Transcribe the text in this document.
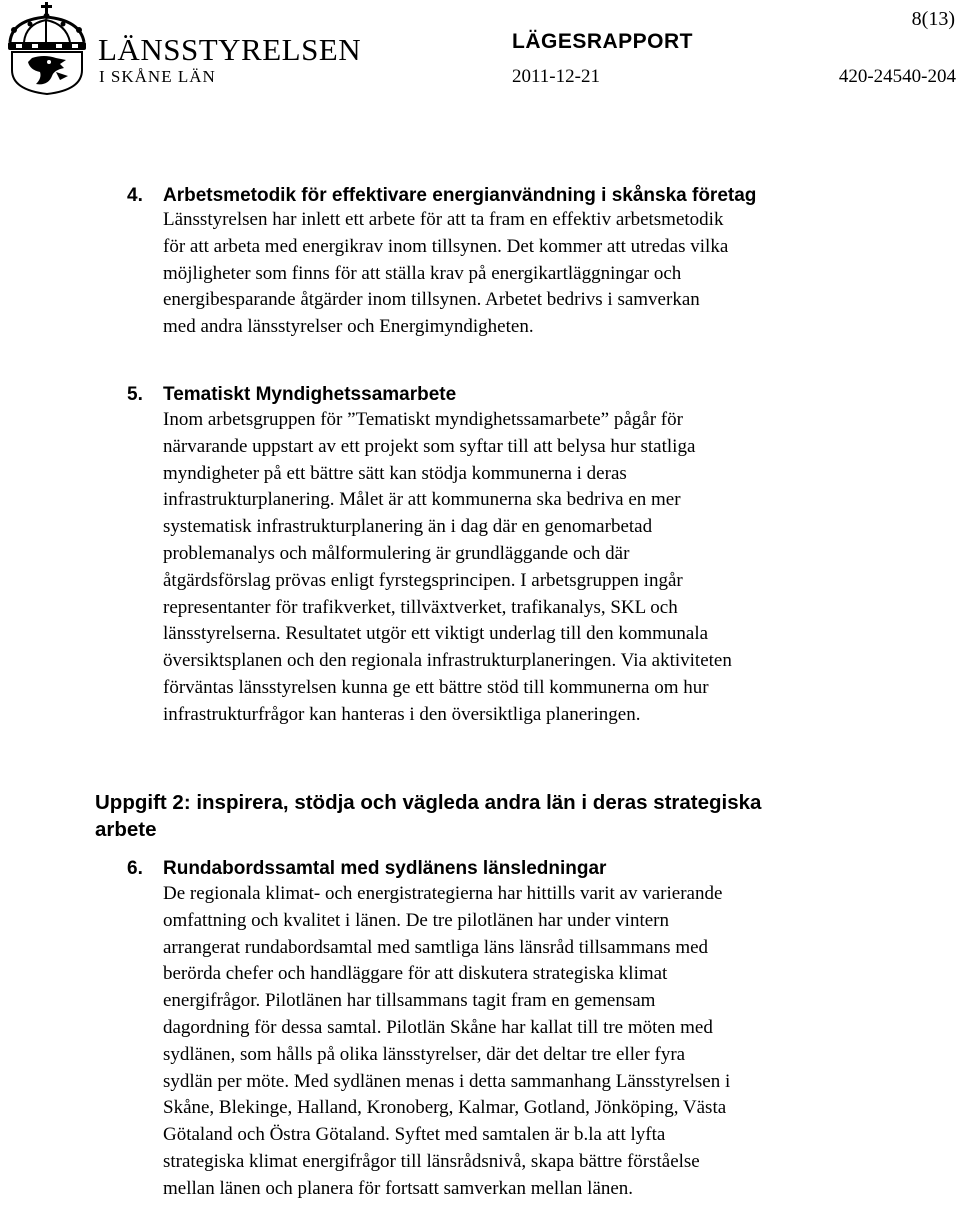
LÄNSSTYRELSEN
I SKÅNE LÄN
LÄGESRAPPORT
2011-12-21	420-24540-204
8(13)
4. Arbetsmetodik för effektivare energianvändning i skånska företag
Länsstyrelsen har inlett ett arbete för att ta fram en effektiv arbetsmetodik
för att arbeta med energikrav inom tillsynen. Det kommer att utredas vilka
möjligheter som finns för att ställa krav på energikartläggningar och
energibesparande åtgärder inom tillsynen. Arbetet bedrivs i samverkan
med andra länsstyrelser och Energimyndigheten.
5. Tematiskt Myndighetssamarbete
Inom arbetsgruppen för ”Tematiskt myndighetssamarbete” pågår för
närvarande uppstart av ett projekt som syftar till att belysa hur statliga
myndigheter på ett bättre sätt kan stödja kommunerna i deras
infrastrukturplanering. Målet är att kommunerna ska bedriva en mer
systematisk infrastrukturplanering än i dag där en genomarbetad
problemanalys och målformulering är grundläggande och där
åtgärdsförslag prövas enligt fyrstegsprincipen. I arbetsgruppen ingår
representanter för trafikverket, tillväxtverket, trafikanalys, SKL och
länsstyrelserna. Resultatet utgör ett viktigt underlag till den kommunala
översiktsplanen och den regionala infrastrukturplaneringen. Via aktiviteten
förväntas länsstyrelsen kunna ge ett bättre stöd till kommunerna om hur
infrastrukturfrågor kan hanteras i den översiktliga planeringen.
Uppgift 2: inspirera, stödja och vägleda andra län i deras strategiska
arbete
6. Rundabordssamtal med sydlänens länsledningar
De regionala klimat- och energistrategierna har hittills varit av varierande
omfattning och kvalitet i länen. De tre pilotlänen har under vintern
arrangerat rundabordsamtal med samtliga läns länsråd tillsammans med
berörda chefer och handläggare för att diskutera strategiska klimat
energifrågor. Pilotlänen har tillsammans tagit fram en gemensam
dagordning för dessa samtal. Pilotlän Skåne har kallat till tre möten med
sydlänen, som hålls på olika länsstyrelser, där det deltar tre eller fyra
sydlän per möte. Med sydlänen menas i detta sammanhang Länsstyrelsen i
Skåne, Blekinge, Halland, Kronoberg, Kalmar, Gotland, Jönköping, Västa
Götaland och Östra Götaland. Syftet med samtalen är b.la att lyfta
strategiska klimat energifrågor till länsrådsnivå, skapa bättre förståelse
mellan länen och planera för fortsatt samverkan mellan länen.
